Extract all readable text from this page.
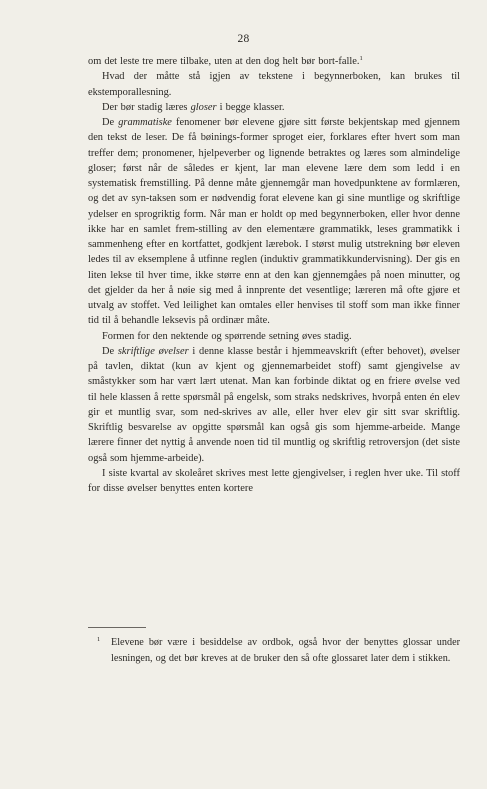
28

om det leste tre mere tilbake, uten at den dog helt bør bort-falle.$^1$

Hvad der måtte stå igjen av tekstene i begynnerboken, kan brukes til ekstemporallesning.

Der bør stadig læres gloser i begge klasser.

De grammatiske fenomener bør elevene gjøre sitt første bekjentskap med gjennem den tekst de leser. De få bøinings-former sproget eier, forklares efter hvert som man treffer dem; pronomener, hjelpeverber og lignende betraktes og læres som almindelige gloser; først når de således er kjent, lar man elevene lære dem som ledd i en systematisk fremstilling. På denne måte gjennemgår man hovedpunktene av formlæren, og det av syn-taksen som er nødvendig forat elevene kan gi sine muntlige og skriftlige ydelser en sprogriktig form. Når man er holdt op med begynnerboken, eller hvor denne ikke har en samlet frem-stilling av den elementære grammatikk, leses grammatikk i sammenheng efter en kortfattet, godkjent lærebok. I størst mulig utstrekning bør eleven ledes til av eksemplene å utfinne reglen (induktiv grammatikkundervisning). Der gis en liten lekse til hver time, ikke større enn at den kan gjennemgåes på noen minutter, og det gjelder da her å nøie sig med å innprente det vesentlige; læreren må ofte gjøre et utvalg av stoffet. Ved leilighet kan omtales eller henvises til stoff som man ikke finner tid til å behandle leksevis på ordinær måte.

Formen for den nektende og spørrende setning øves stadig.

De skriftlige øvelser i denne klasse består i hjemmeavskrift (efter behovet), øvelser på tavlen, diktat (kun av kjent og gjennemarbeidet stoff) samt gjengivelse av småstykker som har vært lært utenat. Man kan forbinde diktat og en friere øvelse ved til hele klassen å rette spørsmål på engelsk, som straks nedskrives, hvorpå enten én elev gir et muntlig svar, som ned-skrives av alle, eller hver elev gir sitt svar skriftlig. Skriftlig besvarelse av opgitte spørsmål kan også gis som hjemme-arbeide. Mange lærere finner det nyttig å anvende noen tid til muntlig og skriftlig retroversjon (det siste også som hjemme-arbeide).

I siste kvartal av skoleåret skrives mest lette gjengivelser, i reglen hver uke. Til stoff for disse øvelser benyttes enten kortere

1 Elevene bør være i besiddelse av ordbok, også hvor der benyttes glossar under lesningen, og det bør kreves at de bruker den så ofte glossaret later dem i stikken.
